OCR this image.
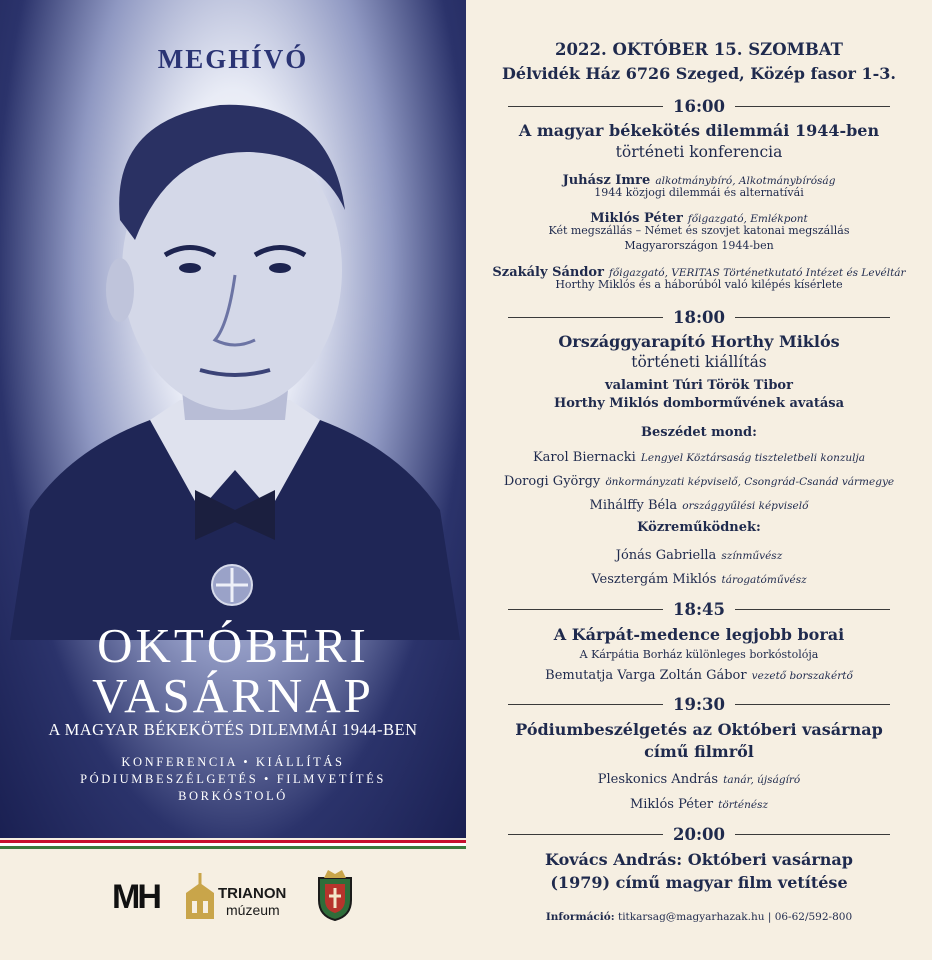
MEGHÍVÓ
OKTÓBERI
VASÁRNAP
A MAGYAR BÉKEKÖTÉS DILEMMÁI 1944-BEN
KONFERENCIA • KIÁLLÍTÁS
PÓDIUMBESZÉLGETÉS • FILMVETÍTÉS
BORKÓSTOLÓ
MH	TRIANON
múzeum
2022. OKTÓBER 15. SZOMBAT
Délvidék Ház 6726 Szeged, Közép fasor 1-3.
16:00
A magyar békekötés dilemmái 1944-ben
történeti konferencia
Juhász Imre alkotmánybíró, Alkotmánybíróság
1944 közjogi dilemmái és alternatívái
Miklós Péter főigazgató, Emlékpont
Két megszállás – Német és szovjet katonai megszállás
Magyarországon 1944-ben
Szakály Sándor főigazgató, VERITAS Történetkutató Intézet és Levéltár
Horthy Miklós és a háborúból való kilépés kísérlete
18:00
Országgyarapító Horthy Miklós
történeti kiállítás
valamint Túri Török Tibor
Horthy Miklós domborművének avatása
Beszédet mond:
Karol Biernacki Lengyel Köztársaság tiszteletbeli konzulja
Dorogi György önkormányzati képviselő, Csongrád-Csanád vármegye
Mihálffy Béla országgyűlési képviselő
Közreműködnek:
Jónás Gabriella színművész
Vesztergám Miklós tárogatóművész
18:45
A Kárpát-medence legjobb borai
A Kárpátia Borház különleges borkóstolója
Bemutatja Varga Zoltán Gábor vezető borszakértő
19:30
Pódiumbeszélgetés az Októberi vasárnap
című filmről
Pleskonics András tanár, újságíró
Miklós Péter történész
20:00
Kovács András: Októberi vasárnap
(1979) című magyar film vetítése
Információ: titkarsag@magyarhazak.hu | 06-62/592-800
